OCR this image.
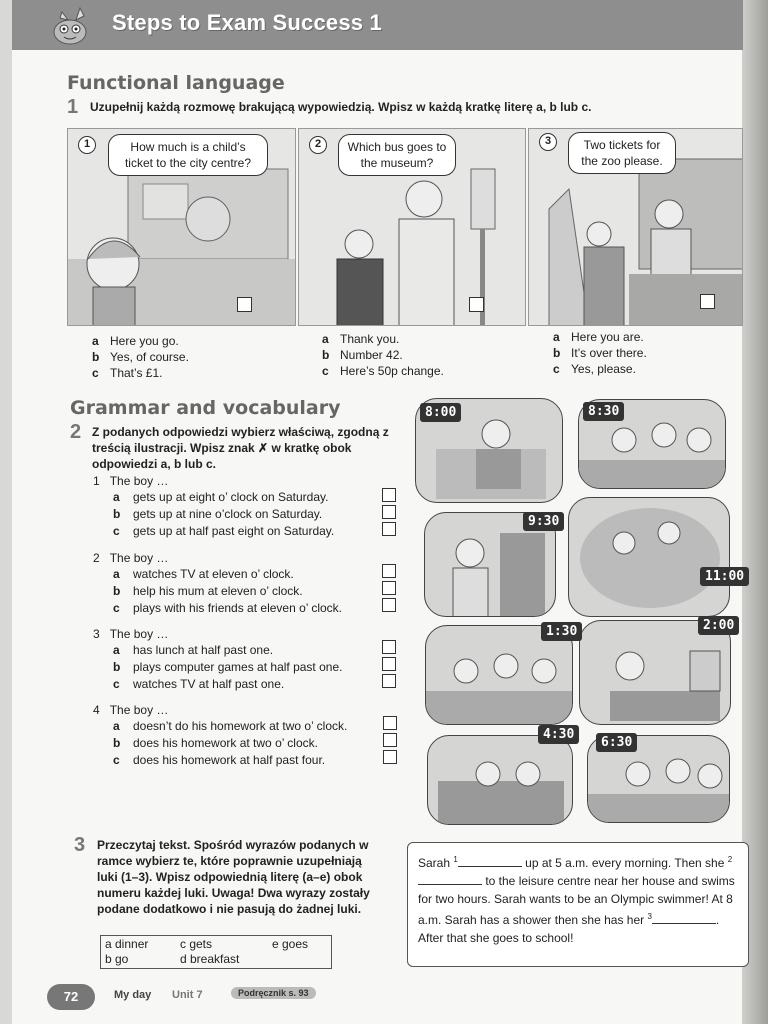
Steps to Exam Success 1
Functional language
1 Uzupełnij każdą rozmowę brakującą wypowiedzią. Wpisz w każdą kratkę literę a, b lub c.
1	How much is a child’s ticket to the city centre?
2	Which bus goes to the museum?
3	Two tickets for the zoo please.
a Here you go.
b Yes, of course.
c That’s £1.
a Thank you.
b Number 42.
c Here’s 50p change.
a Here you are.
b It’s over there.
c Yes, please.
Grammar and vocabulary
2 Z podanych odpowiedzi wybierz właściwą, zgodną z treścią ilustracji. Wpisz znak ✗ w kratkę obok odpowiedzi a, b lub c.
1 The boy …
a	gets up at eight o’ clock on Saturday.
b	gets up at nine o’clock on Saturday.
c	gets up at half past eight on Saturday.
2 The boy …
a	watches TV at eleven o’ clock.
b	help his mum at eleven o’ clock.
c	plays with his friends at eleven o’ clock.
3 The boy …
a	has lunch at half past one.
b	plays computer games at half past one.
c	watches TV at half past one.
4 The boy …
a	doesn’t do his homework at two o’ clock.
b	does his homework at two o’ clock.
c	does his homework at half past four.
8:00	8:30
9:30
11:00
1:30	2:00
4:30
6:30
3 Przeczytaj tekst. Spośród wyrazów podanych w ramce wybierz te, które poprawnie uzupełniają luki (1–3). Wpisz odpowiednią literę (a–e) obok numeru każdej luki. Uwaga! Dwa wyrazy zostały podane dodatkowo i nie pasują do żadnej luki.
a dinner	c gets	e goes
b go	d breakfast
Sarah $^1$	up at 5 a.m. every morning. Then she $^2$ to the leisure centre near her house and swims for two hours. Sarah wants to be an Olympic swimmer! At 8 a.m. Sarah has a shower then she has her $^3$	. After that she goes to school!
72	My day Unit 7	Podręcznik s. 93
